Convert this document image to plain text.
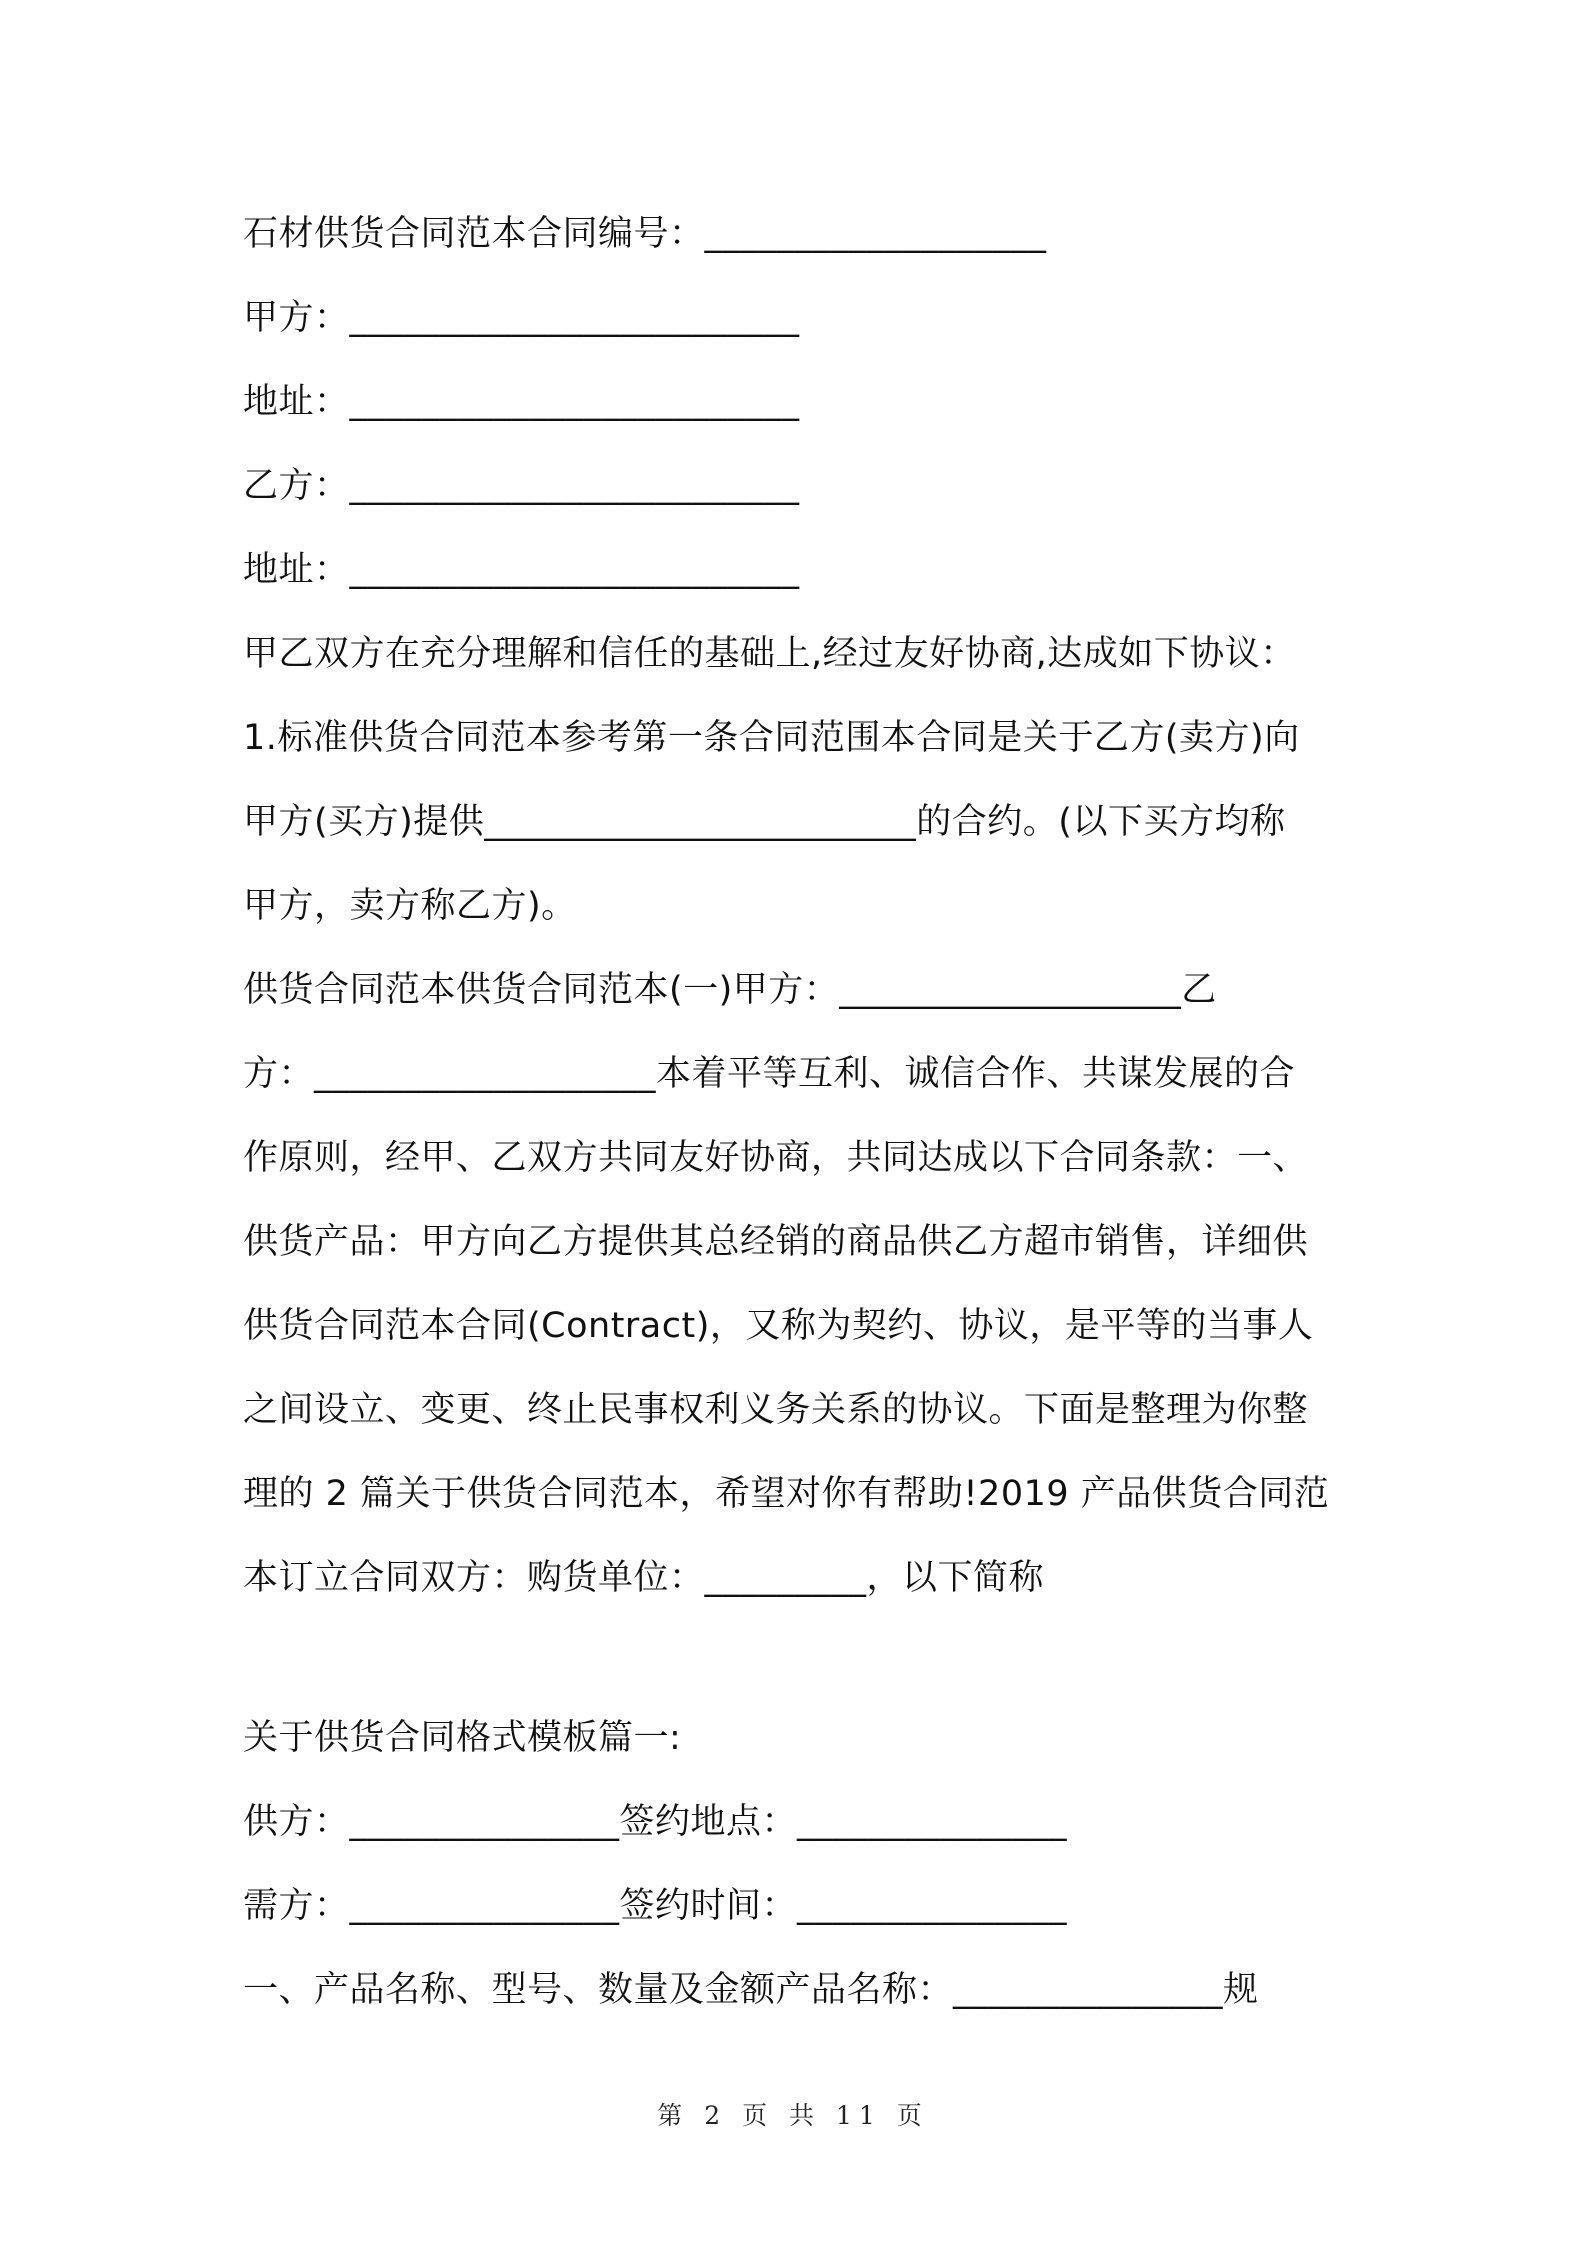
石材供货合同范本合同编号：___________________
甲方：_________________________
地址：_________________________
乙方：_________________________
地址：_________________________
甲乙双方在充分理解和信任的基础上,经过友好协商,达成如下协议：
1.标准供货合同范本参考第一条合同范围本合同是关于乙方(卖方)向
甲方(买方)提供________________________的合约。(以下买方均称
甲方，卖方称乙方)。
供货合同范本供货合同范本(一)甲方：___________________乙
方：___________________本着平等互利、诚信合作、共谋发展的合
作原则，经甲、乙双方共同友好协商，共同达成以下合同条款：一、
供货产品：甲方向乙方提供其总经销的商品供乙方超市销售，详细供
供货合同范本合同(Contract)，又称为契约、协议，是平等的当事人
之间设立、变更、终止民事权利义务关系的协议。下面是整理为你整
理的 2 篇关于供货合同范本，希望对你有帮助!2019 产品供货合同范
本订立合同双方：购货单位：_________，以下简称
关于供货合同格式模板篇一:
供方：_______________签约地点：_______________
需方：_______________签约时间：_______________
一、产品名称、型号、数量及金额产品名称：_______________规
第 2 页 共 11 页
